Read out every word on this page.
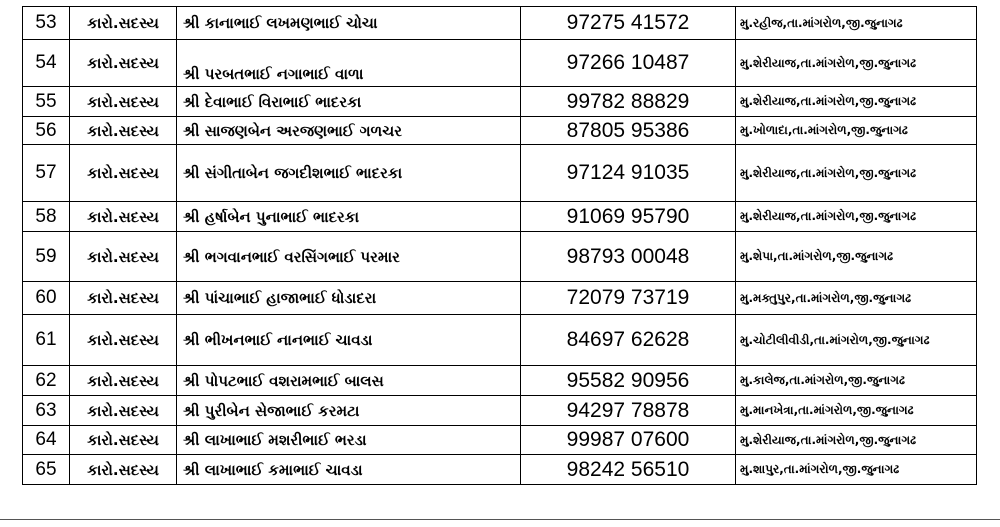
53	કારો.સદસ્ય	શ્રી કાનાભાઈ લખમણભાઈ ચોચા	97275 41572	મુ.રહીજ,તા.માંગરોળ,જી.જુનાગઢ
54	કારો.સદસ્ય	શ્રી પરબતભાઈ નગાભાઈ વાળા	97266 10487	મુ.શેરીયાજ,તા.માંગરોળ,જી.જુનાગઢ
55	કારો.સદસ્ય	શ્રી દેવાભાઈ વિરાભાઈ ભાદરકા	99782 88829	મુ.શેરીયાજ,તા.માંગરોળ,જી.જુનાગઢ
56	કારો.સદસ્ય	શ્રી સાજણબેન અરજણભાઈ ગળચર	87805 95386	મુ.ખોળાદા,તા.માંગરોળ,જી.જુનાગઢ
57	કારો.સદસ્ય	શ્રી સંગીતાબેન જગદીશભાઈ ભાદરકા	97124 91035	મુ.શેરીયાજ,તા.માંગરોળ,જી.જુનાગઢ
58	કારો.સદસ્ય	શ્રી હર્ષાબેન પુનાભાઈ ભાદરકા	91069 95790	મુ.શેરીયાજ,તા.માંગરોળ,જી.જુનાગઢ
59	કારો.સદસ્ય	શ્રી ભગવાનભાઈ વરસિંગભાઈ પરમાર	98793 00048	મુ.શેપા,તા.માંગરોળ,જી.જુનાગઢ
60	કારો.સદસ્ય	શ્રી પાંચાભાઈ હાજાભાઈ ધોડાદરા	72079 73719	મુ.મક્તુપુર,તા.માંગરોળ,જી.જુનાગઢ
61	કારો.સદસ્ય	શ્રી ભીખનભાઈ નાનભાઈ ચાવડા	84697 62628	મુ.ચોટીલીવીડી,તા.માંગરોળ,જી.જુનાગઢ
62	કારો.સદસ્ય	શ્રી પોપટભાઈ વશરામભાઈ બાલસ	95582 90956	મુ.કાલેજ,તા.માંગરોળ,જી.જુનાગઢ
63	કારો.સદસ્ય	શ્રી પુરીબેન સેજાભાઈ કરમટા	94297 78878	મુ.માનખેત્રા,તા.માંગરોળ,જી.જુનાગઢ
64	કારો.સદસ્ય	શ્રી લાખાભાઈ મશરીભાઈ ભરડા	99987 07600	મુ.શેરીયાજ,તા.માંગરોળ,જી.જુનાગઢ
65	કારો.સદસ્ય	શ્રી લાખાભાઈ કમાભાઈ ચાવડા	98242 56510	મુ.શાપુર,તા.માંગરોળ,જી.જુનાગઢ
